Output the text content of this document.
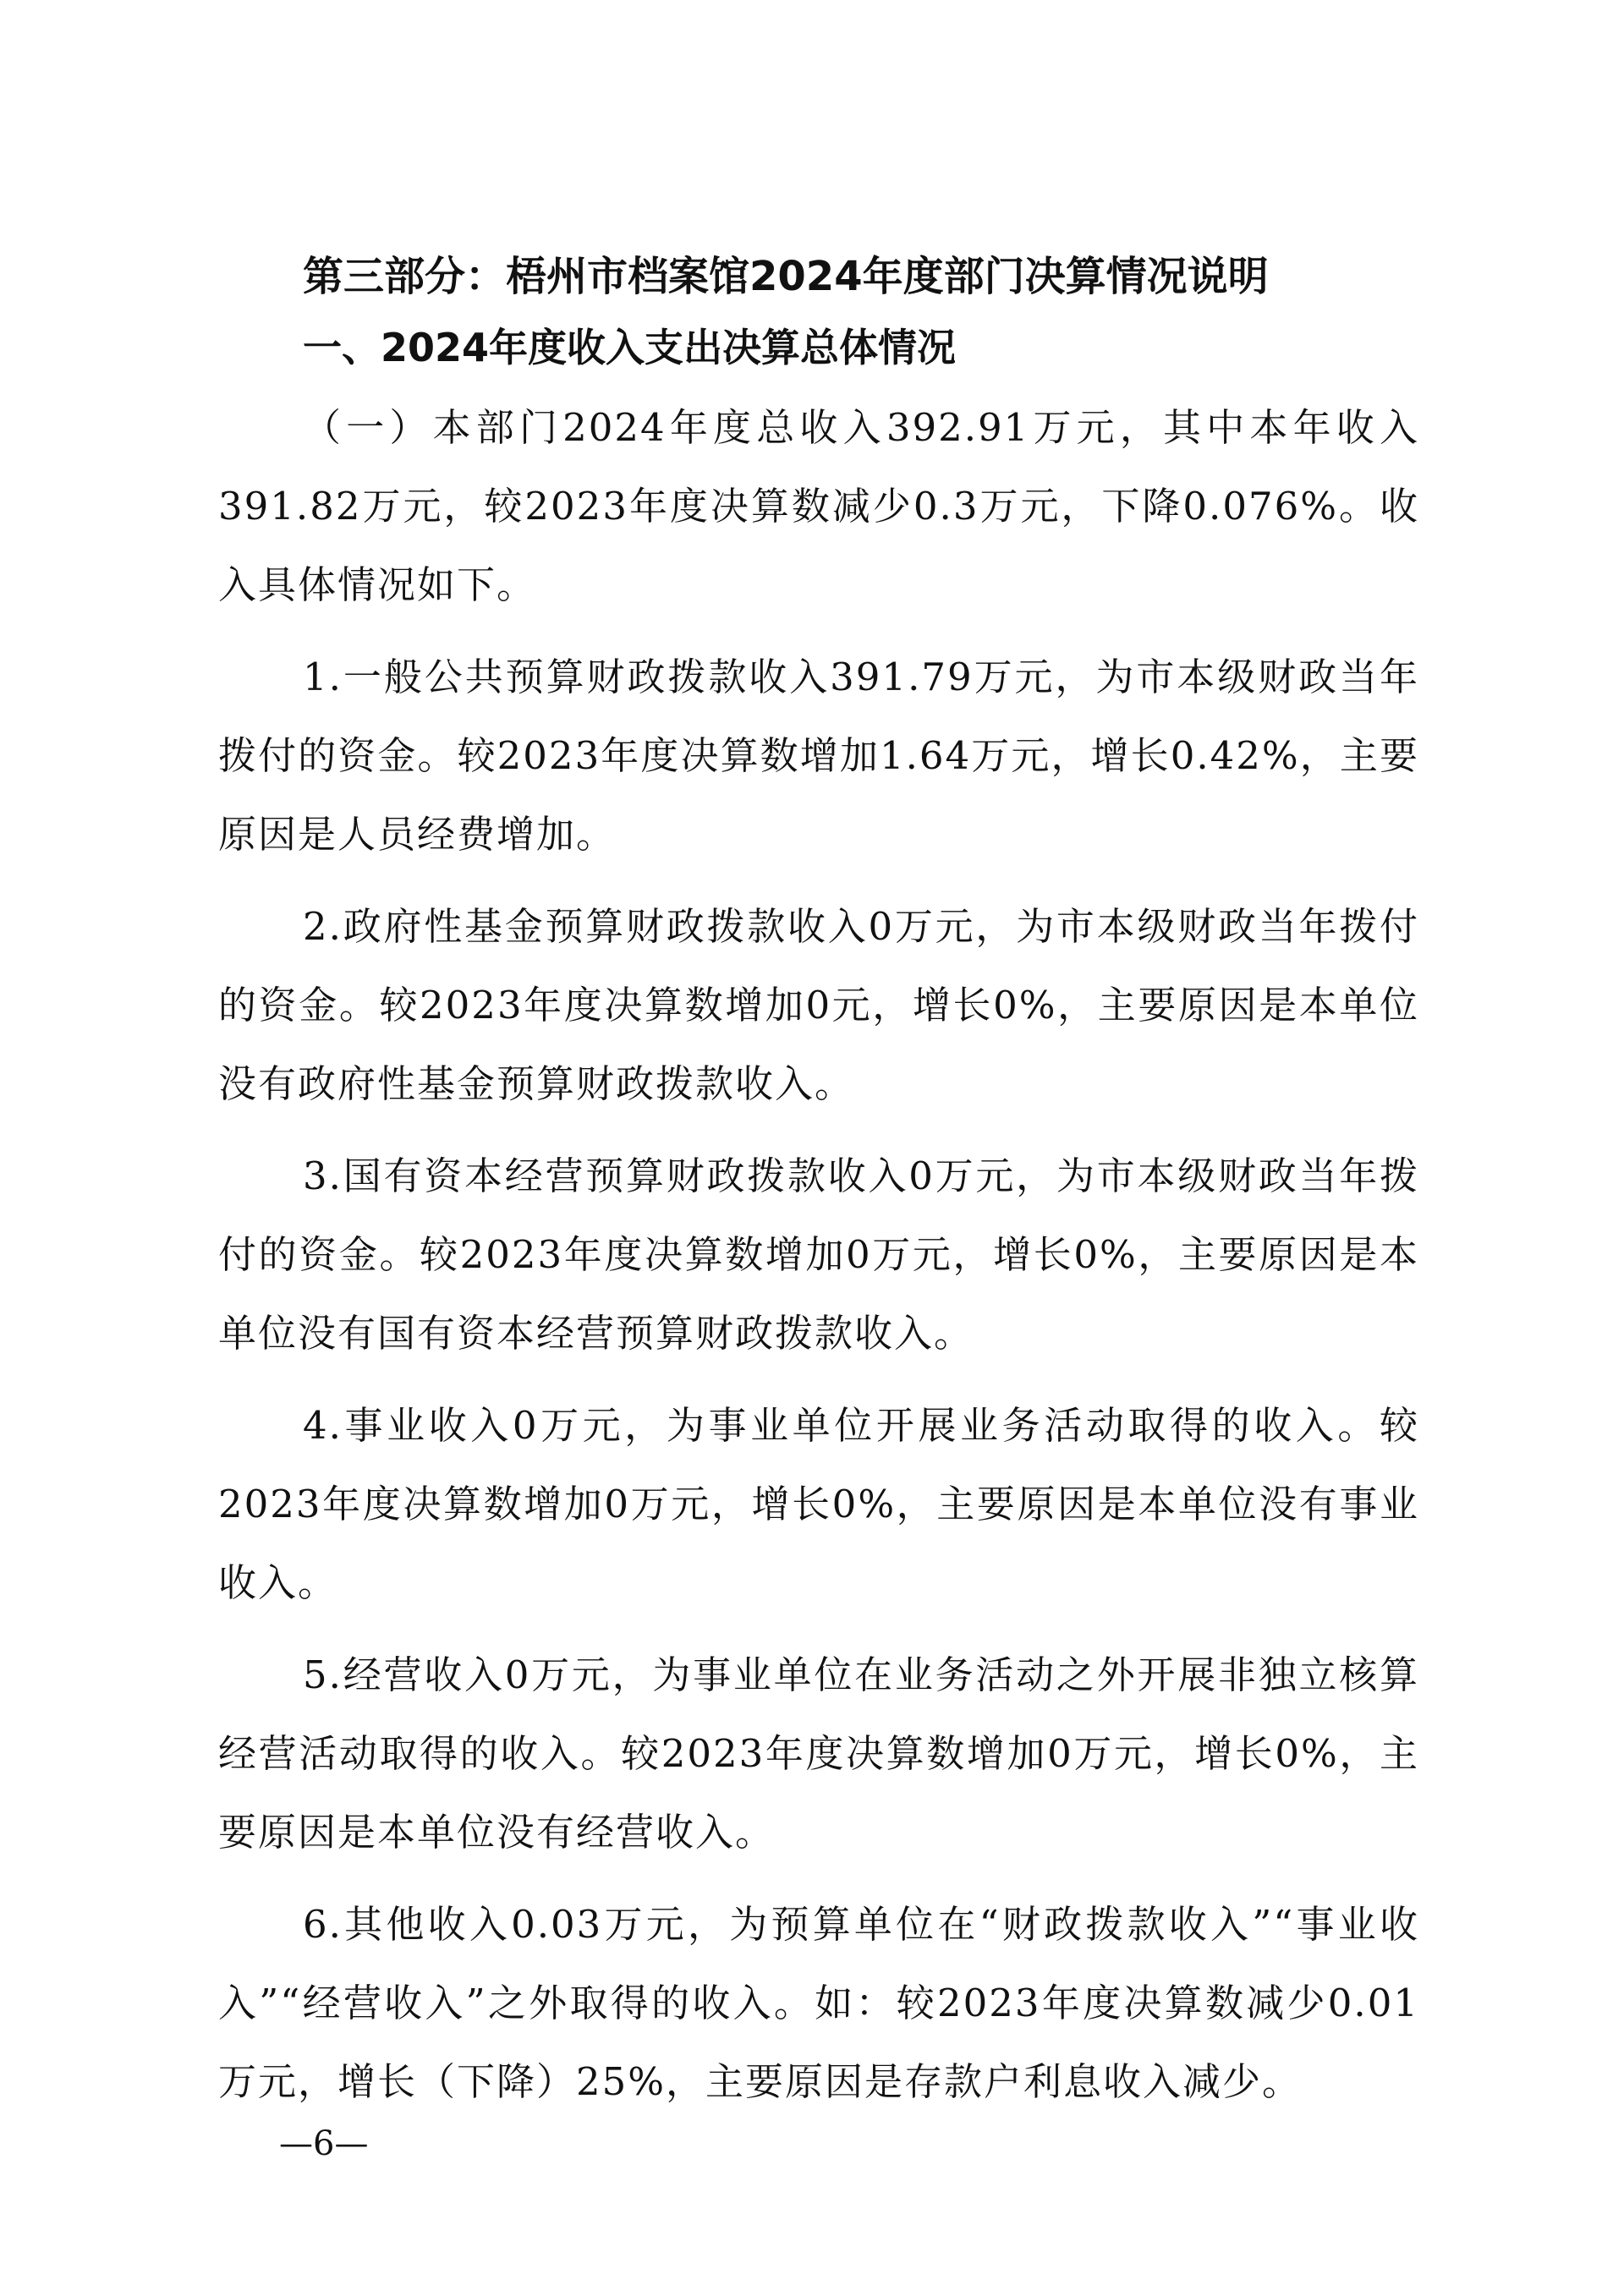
第三部分：梧州市档案馆2024年度部门决算情况说明
一、2024年度收入支出决算总体情况

（一）本部门2024年度总收入392.91万元，其中本年收入391.82万元，较2023年度决算数减少0.3万元，下降0.076%。收入具体情况如下。

1.一般公共预算财政拨款收入391.79万元，为市本级财政当年拨付的资金。较2023年度决算数增加1.64万元，增长0.42%，主要原因是人员经费增加。

2.政府性基金预算财政拨款收入0万元，为市本级财政当年拨付的资金。较2023年度决算数增加0元，增长0%，主要原因是本单位没有政府性基金预算财政拨款收入。

3.国有资本经营预算财政拨款收入0万元，为市本级财政当年拨付的资金。较2023年度决算数增加0万元，增长0%，主要原因是本单位没有国有资本经营预算财政拨款收入。

4.事业收入0万元，为事业单位开展业务活动取得的收入。较2023年度决算数增加0万元，增长0%，主要原因是本单位没有事业收入。

5.经营收入0万元，为事业单位在业务活动之外开展非独立核算经营活动取得的收入。较2023年度决算数增加0万元，增长0%，主要原因是本单位没有经营收入。

6.其他收入0.03万元，为预算单位在“财政拨款收入”“事业收入”“经营收入”之外取得的收入。如：较2023年度决算数减少0.01万元，增长（下降）25%，主要原因是存款户利息收入减少。

—6—
